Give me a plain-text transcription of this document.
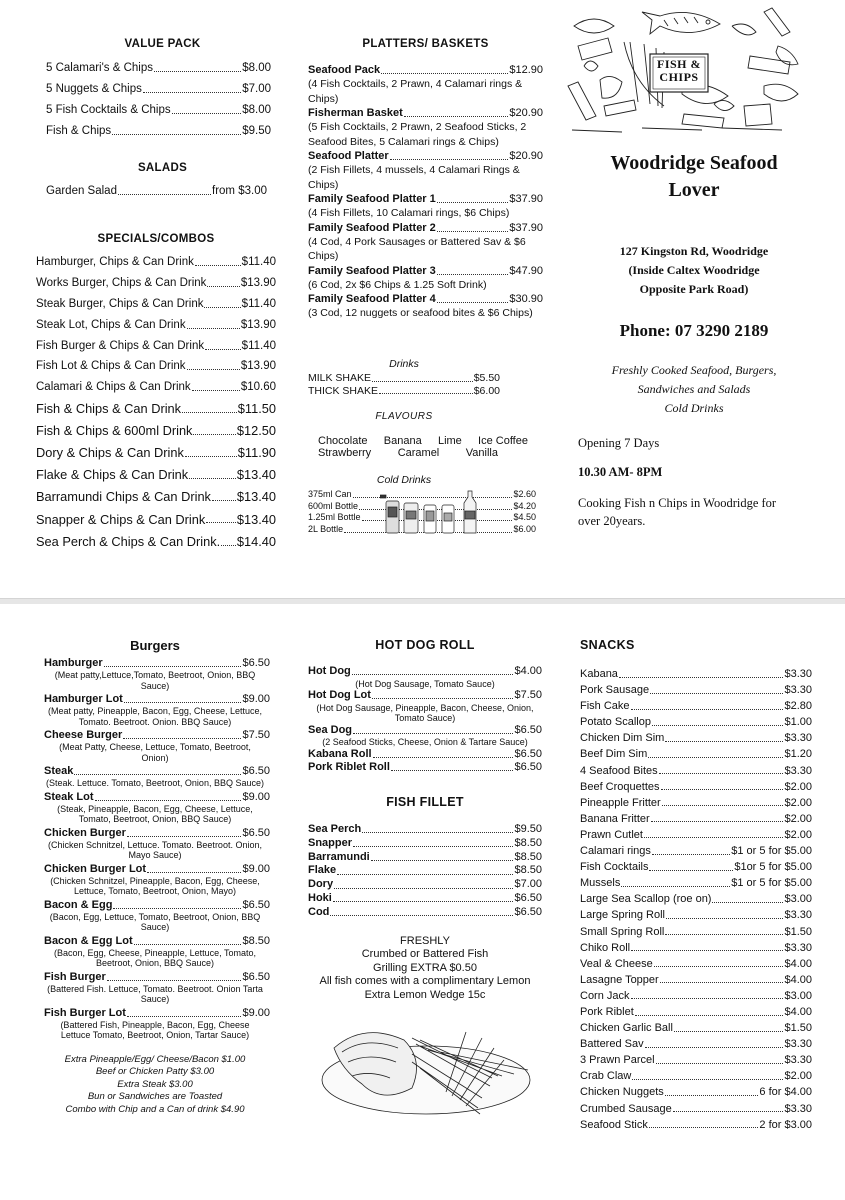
VALUE PACK
5 Calamari's & Chips	$8.00
5 Nuggets & Chips	$7.00
5 Fish Cocktails & Chips	$8.00
Fish & Chips	$9.50
SALADS
Garden Salad	from $3.00
SPECIALS/COMBOS
Hamburger, Chips & Can Drink	$11.40
Works Burger, Chips & Can Drink	$13.90
Steak Burger, Chips & Can Drink	$11.40
Steak Lot, Chips & Can Drink	$13.90
Fish Burger & Chips & Can Drink	$11.40
Fish Lot & Chips & Can Drink	$13.90
Calamari & Chips & Can Drink	$10.60
Fish & Chips & Can Drink	$11.50
Fish & Chips & 600ml Drink	$12.50
Dory & Chips & Can Drink	$11.90
Flake & Chips & Can Drink	$13.40
Barramundi Chips & Can Drink $13.40
Snapper & Chips & Can Drink $13.40
Sea Perch & Chips & Can Drink. $14.40
PLATTERS/ BASKETS
Seafood Pack	$12.90
(4 Fish Cocktails, 2 Prawn, 4 Calamari rings & Chips)
Fisherman Basket	$20.90
(5 Fish Cocktails, 2 Prawn, 2 Seafood Sticks, 2 Seafood Bites, 5 Calamari rings & Chips)
Seafood Platter	$20.90
(2 Fish Fillets, 4 mussels, 4 Calamari Rings & Chips)
Family Seafood Platter 1	$37.90
(4 Fish Fillets, 10 Calamari rings, $6 Chips)
Family Seafood Platter 2	$37.90
(4 Cod, 4 Pork Sausages or Battered Sav & $6 Chips)
Family Seafood Platter 3	$47.90
(6 Cod, 2x $6 Chips & 1.25 Soft Drink)
Family Seafood Platter 4	$30.90
(3 Cod, 12 nuggets or seafood bites & $6 Chips)
Drinks
MILK SHAKE	$5.50
THICK SHAKE	$6.00
FLAVOURS
Chocolate Banana Lime Ice Coffee
Strawberry Caramel Vanilla
Cold Drinks
375ml Can	$2.60
600ml Bottle	$4.20
1.25ml Bottle	$4.50
2L Bottle	$6.00
FISH & CHIPS
Woodridge Seafood Lover
127 Kingston Rd, Woodridge
(Inside Caltex Woodridge
Opposite Park Road)
Phone: 07 3290 2189
Freshly Cooked Seafood, Burgers,
Sandwiches and Salads
Cold Drinks
Opening 7 Days
10.30 AM- 8PM
Cooking Fish n Chips in Woodridge for
over 20years.
Burgers
Hamburger	$6.50
(Meat patty,Lettuce,Tomato, Beetroot, Onion, BBQ Sauce)
Hamburger Lot	$9.00
(Meat patty, Pineapple, Bacon, Egg, Cheese, Lettuce, Tomato. Beetroot. Onion. BBQ Sauce)
Cheese Burger	$7.50
(Meat Patty, Cheese, Lettuce, Tomato, Beetroot, Onion)
Steak	$6.50
(Steak. Lettuce. Tomato, Beetroot, Onion, BBQ Sauce)
Steak Lot	$9.00
(Steak, Pineapple, Bacon, Egg, Cheese, Lettuce, Tomato, Beetroot, Onion, BBQ Sauce)
Chicken Burger	$6.50
(Chicken Schnitzel, Lettuce. Tomato. Beetroot. Onion, Mayo Sauce)
Chicken Burger Lot	$9.00
(Chicken Schnitzel, Pineapple, Bacon, Egg, Cheese, Lettuce, Tomato, Beetroot, Onion, Mayo)
Bacon & Egg	$6.50
(Bacon, Egg, Lettuce, Tomato, Beetroot, Onion, BBQ Sauce)
Bacon & Egg Lot	$8.50
(Bacon, Egg, Cheese, Pineapple, Lettuce, Tomato, Beetroot, Onion, BBQ Sauce)
Fish Burger	$6.50
(Battered Fish. Lettuce, Tomato. Beetroot. Onion Tarta Sauce)
Fish Burger Lot	$9.00
(Battered Fish, Pineapple, Bacon, Egg, Cheese Lettuce Tomato, Beetroot, Onion, Tartar Sauce)
Extra Pineapple/Egg/ Cheese/Bacon $1.00
Beef or Chicken Patty $3.00
Extra Steak $3.00
Bun or Sandwiches are Toasted
Combo with Chip and a Can of drink $4.90
HOT DOG ROLL
Hot Dog	$4.00
(Hot Dog Sausage, Tomato Sauce)
Hot Dog Lot	$7.50
(Hot Dog Sausage, Pineapple, Bacon, Cheese, Onion, Tomato Sauce)
Sea Dog	$6.50
(2 Seafood Sticks, Cheese, Onion & Tartare Sauce)
Kabana Roll	$6.50
Pork Riblet Roll	$6.50
FISH FILLET
Sea Perch	$9.50
Snapper	$8.50
Barramundi	$8.50
Flake	$8.50
Dory	$7.00
Hoki	$6.50
Cod	$6.50
FRESHLY
Crumbed or Battered Fish
Grilling EXTRA $0.50
All fish comes with a complimentary Lemon
Extra Lemon Wedge 15c
SNACKS
Kabana	$3.30
Pork Sausage	$3.30
Fish Cake	$2.80
Potato Scallop	$1.00
Chicken Dim Sim	$3.30
Beef Dim Sim	$1.20
4 Seafood Bites	$3.30
Beef Croquettes	$2.00
Pineapple Fritter	$2.00
Banana Fritter	$2.00
Prawn Cutlet	$2.00
Calamari rings	$1 or 5 for $5.00
Fish Cocktails	$1or 5 for $5.00
Mussels	$1 or 5 for $5.00
Large Sea Scallop (roe on)	$3.00
Large Spring Roll	$3.30
Small Spring Roll	$1.50
Chiko Roll	$3.30
Veal & Cheese	$4.00
Lasagne Topper	$4.00
Corn Jack	$3.00
Pork Riblet	$4.00
Chicken Garlic Ball	$1.50
Battered Sav	$3.30
3 Prawn Parcel	$3.30
Crab Claw	$2.00
Chicken Nuggets	6 for $4.00
Crumbed Sausage	$3.30
Seafood Stick	2 for $3.00
